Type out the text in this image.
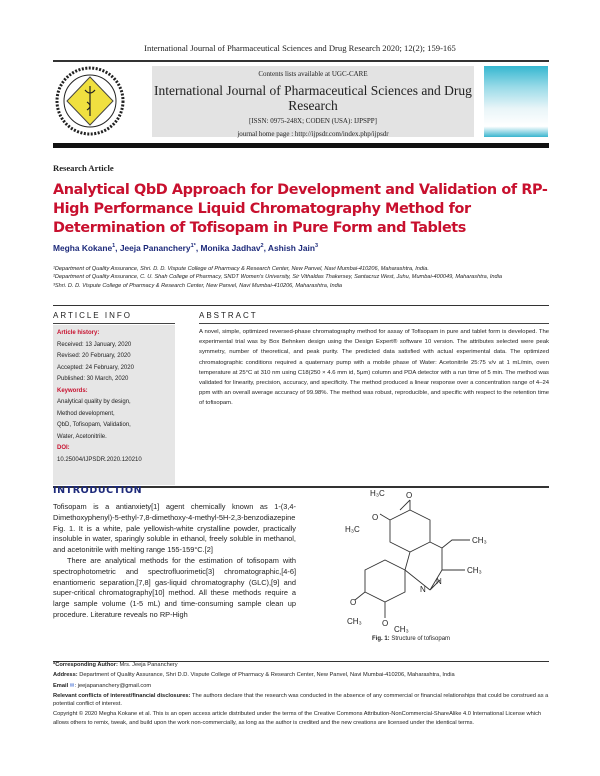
International Journal of Pharmaceutical Sciences and Drug Research 2020; 12(2); 159-165
Contents lists available at UGC-CARE
International Journal of Pharmaceutical Sciences and Drug Research
[ISSN: 0975-248X; CODEN (USA): IJPSPP]
journal home page : http://ijpsdr.com/index.php/ijpsdr
Research Article
Analytical QbD Approach for Development and Validation of RP-High Performance Liquid Chromatography Method for Determination of Tofisopam in Pure Form and Tablets
Megha Kokane$^1$, Jeeja Pananchery$^{1*}$, Monika Jadhav$^2$, Ashish Jain$^3$
¹Department of Quality Assurance, Shri. D. D. Vispute College of Pharmacy & Research Center, New Panvel, Navi Mumbai-410206, Maharashtra, India.
²Department of Quality Assurance, C. U. Shah College of Pharmacy, SNDT Women's University, Sir Vithaldas Thakersey, Santacruz West, Juhu, Mumbai-400049, Maharashtra, India
³Shri. D. D. Vispute College of Pharmacy & Research Center, New Panvel, Navi Mumbai-410206, Maharashtra, India
ARTICLE INFO	ABSTRACT
Article history:
Received: 13 January, 2020
Revised: 20 February, 2020
Accepted: 24 February, 2020
Published: 30 March, 2020
Keywords:
Analytical quality by design,
Method development,
QbD, Tofisopam, Validation,
Water, Acetonitrile.
DOI:
10.25004/IJPSDR.2020.120210
A novel, simple, optimized reversed-phase chromatography method for assay of Tofisopam in pure and tablet form is developed. The experimental trial was by Box Behnken design using the Design Expert® software 10 version. The attributes selected were peak symmetry, number of theoretical, and peak purity. The predicted data satisfied with actual experimental data. The optimized chromatographic conditions required a quaternary pump with a mobile phase of Water: Acetonitrile 25:75 v/v at 1 mL/min, oven temperature at 25°C at 310 nm using C18(250 × 4.6 mm id, 5μm) column and PDA detector with a run time of 5 min. The method was validated for linearity, precision, accuracy, and specificity. The method produced a linear response over a concentration range of 4–24 ppm with an overall average accuracy of 99.98%. The method was robust, reproducible, and specific with respect to the retention time of tofisopam.
INTRODUCTION

Tofisopam is a antianxiety[1] agent chemically known as 1-(3,4-Dimethoxyphenyl)-5-ethyl-7,8-dimethoxy-4-methyl-5H-2,3-benzodiazepine Fig. 1. It is a white, pale yellowish-white crystalline powder, practically insoluble in water, sparingly soluble in ethanol, freely soluble in methanol, and acetonitrile with melting range 155-159°C.[2]

There are analytical methods for the estimation of tofisopam with spectrophotometric and spectrofluorimetic[3] chromatographic,[4-6] enantiomeric separation,[7,8] gas-liquid chromatography (GLC),[9] and super-critical chromatography[10] method. All these methods require a large sample volume (1-5 mL) and time-consuming sample clean up procedure. Literature reveals no RP-High

H₃C	O
O
H₃C
CH₃
CH₃
N
N
O
CH₃	O
CH₃
Fig. 1: Structure of tofisopam

*Corresponding Author: Mrs. Jeeja Pananchery

Address: Department of Quality Assurance, Shri D.D. Vispute College of Pharmacy & Research Center, New Panvel, Navi Mumbai-410206, Maharashtra, India

Email ✉: jeejapananchery@gmail.com

Relevant conflicts of interest/financial disclosures: The authors declare that the research was conducted in the absence of any commercial or financial relationships that could be construed as a potential conflict of interest.

Copyright © 2020 Megha Kokane et al. This is an open access article distributed under the terms of the Creative Commons Attribution-NonCommercial-ShareAlike 4.0 International License which allows others to remix, tweak, and build upon the work non-commercially, as long as the author is credited and the new creations are licensed under the identical terms.
